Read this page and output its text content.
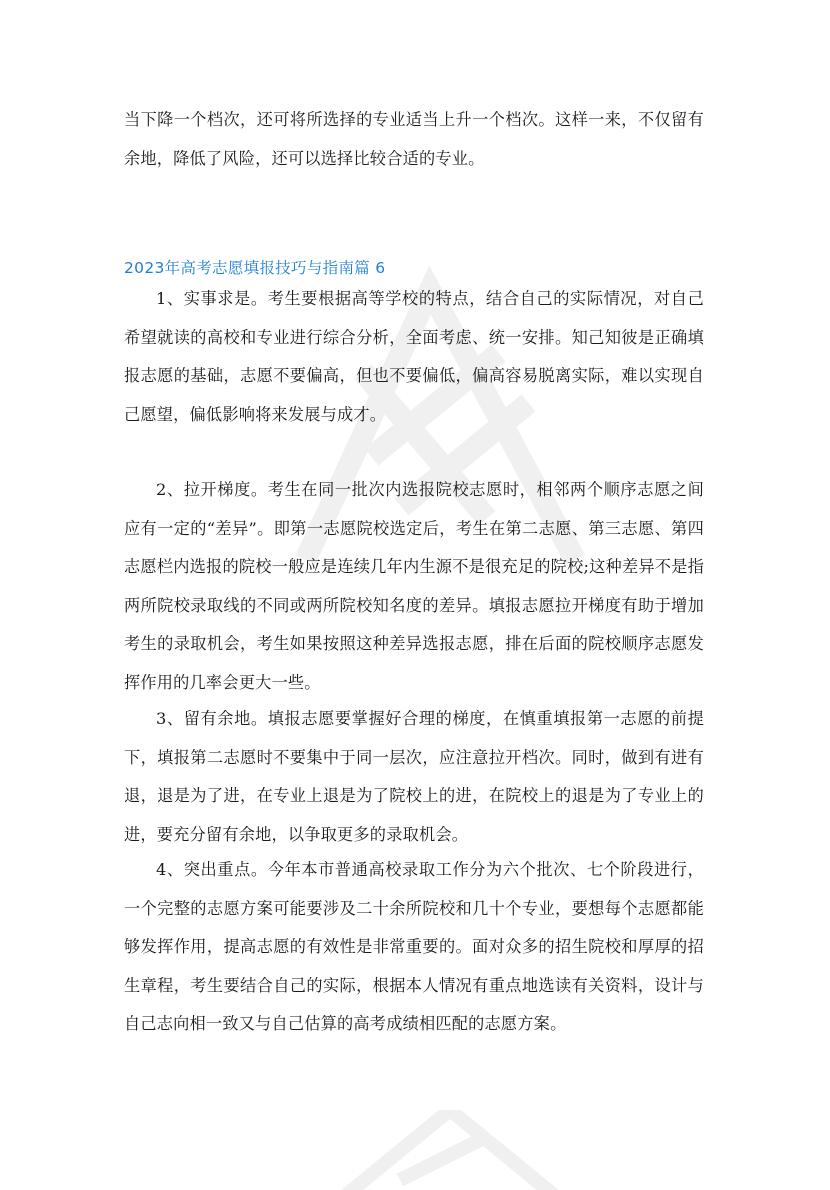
当下降一个档次，还可将所选择的专业适当上升一个档次。这样一来，不仅留有余地，降低了风险，还可以选择比较合适的专业。

2023年高考志愿填报技巧与指南篇 6

1、实事求是。考生要根据高等学校的特点，结合自己的实际情况，对自己希望就读的高校和专业进行综合分析，全面考虑、统一安排。知己知彼是正确填报志愿的基础，志愿不要偏高，但也不要偏低，偏高容易脱离实际，难以实现自己愿望，偏低影响将来发展与成才。

2、拉开梯度。考生在同一批次内选报院校志愿时，相邻两个顺序志愿之间应有一定的“差异”。即第一志愿院校选定后，考生在第二志愿、第三志愿、第四志愿栏内选报的院校一般应是连续几年内生源不是很充足的院校;这种差异不是指两所院校录取线的不同或两所院校知名度的差异。填报志愿拉开梯度有助于增加考生的录取机会，考生如果按照这种差异选报志愿，排在后面的院校顺序志愿发挥作用的几率会更大一些。

3、留有余地。填报志愿要掌握好合理的梯度，在慎重填报第一志愿的前提下，填报第二志愿时不要集中于同一层次，应注意拉开档次。同时，做到有进有退，退是为了进，在专业上退是为了院校上的进，在院校上的退是为了专业上的进，要充分留有余地，以争取更多的录取机会。

4、突出重点。今年本市普通高校录取工作分为六个批次、七个阶段进行，一个完整的志愿方案可能要涉及二十余所院校和几十个专业，要想每个志愿都能够发挥作用，提高志愿的有效性是非常重要的。面对众多的招生院校和厚厚的招生章程，考生要结合自己的实际，根据本人情况有重点地选读有关资料，设计与自己志向相一致又与自己估算的高考成绩相匹配的志愿方案。
